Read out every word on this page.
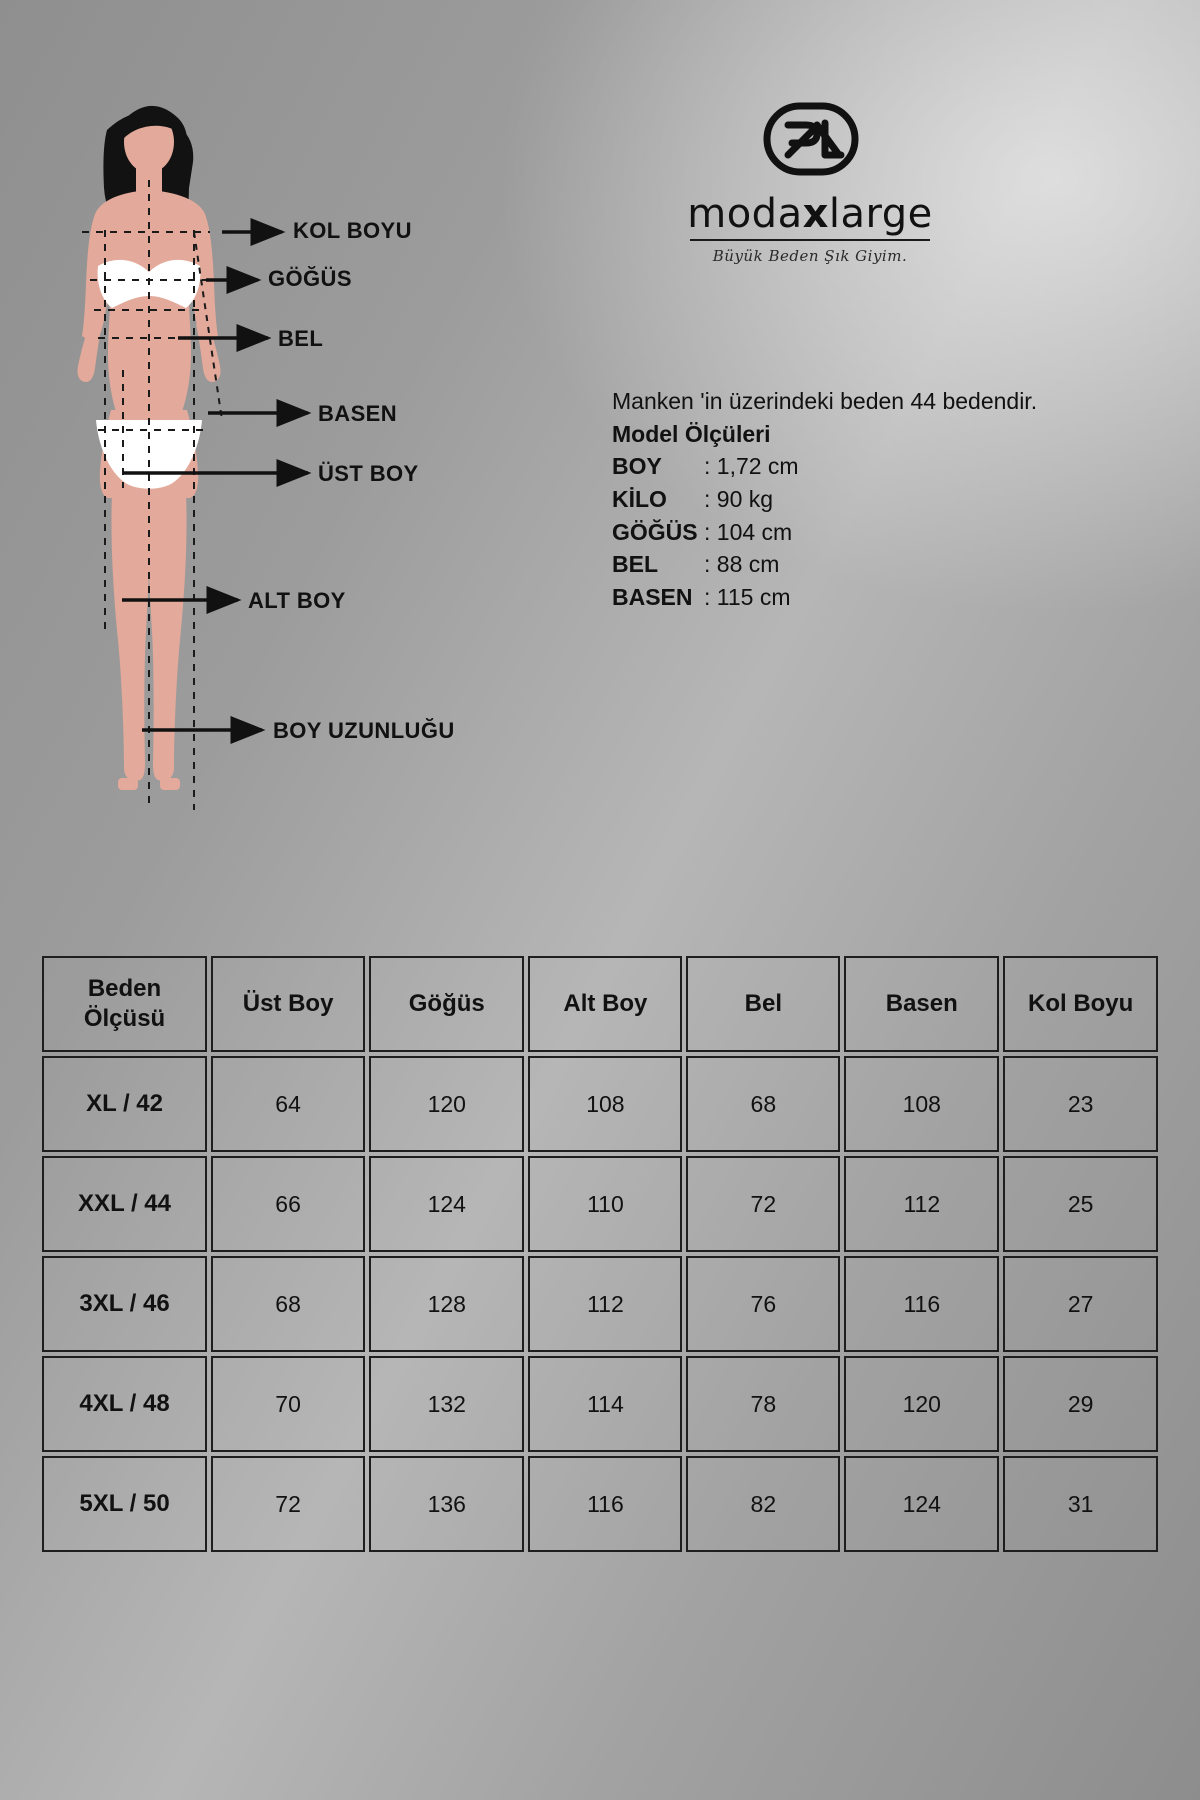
KOL BOYU
GÖĞÜS
BEL
BASEN
ÜST BOY
ALT BOY
BOY UZUNLUĞU
modaxlarge
Büyük Beden Şık Giyim.
Manken 'in üzerindeki beden 44 bedendir.
Model Ölçüleri
BOY	: 1,72 cm
KİLO	: 90 kg
GÖĞÜS : 104 cm
BEL	: 88 cm
BASEN : 115 cm
Beden
Ölçüsü	Üst Boy	Göğüs	Alt Boy	Bel	Basen	Kol Boyu
XL / 42	64	120	108	68	108	23
XXL / 44	66	124	110	72	112	25
3XL / 46	68	128	112	76	116	27
4XL / 48	70	132	114	78	120	29
5XL / 50	72	136	116	82	124	31
